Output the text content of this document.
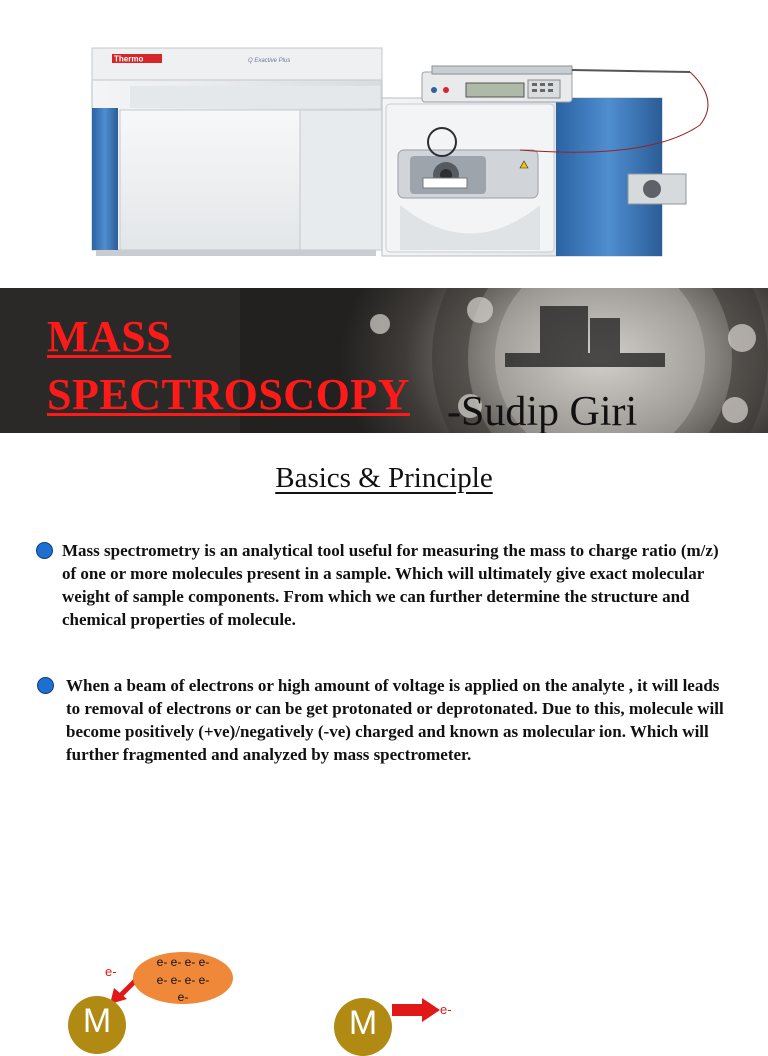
Thermo	Q Exactive Plus
MASS
SPECTROSCOPY -Sudip Giri
Basics & Principle
Mass spectrometry is an analytical tool useful for measuring the mass to charge ratio (m/z) of one or more molecules present in a sample. Which will ultimately give exact molecular weight of sample components. From which we can further determine the structure and chemical properties of molecule.
When a beam of electrons or high amount of voltage is applied on the analyte , it will leads to removal of electrons or can be get protonated or deprotonated. Due to this, molecule will become positively (+ve)/negatively (-ve) charged and known as molecular ion. Which will further fragmented and analyzed by mass spectrometer.
e- e- e- e-
e- e- e- e-
e-
e-
e-
M	M
